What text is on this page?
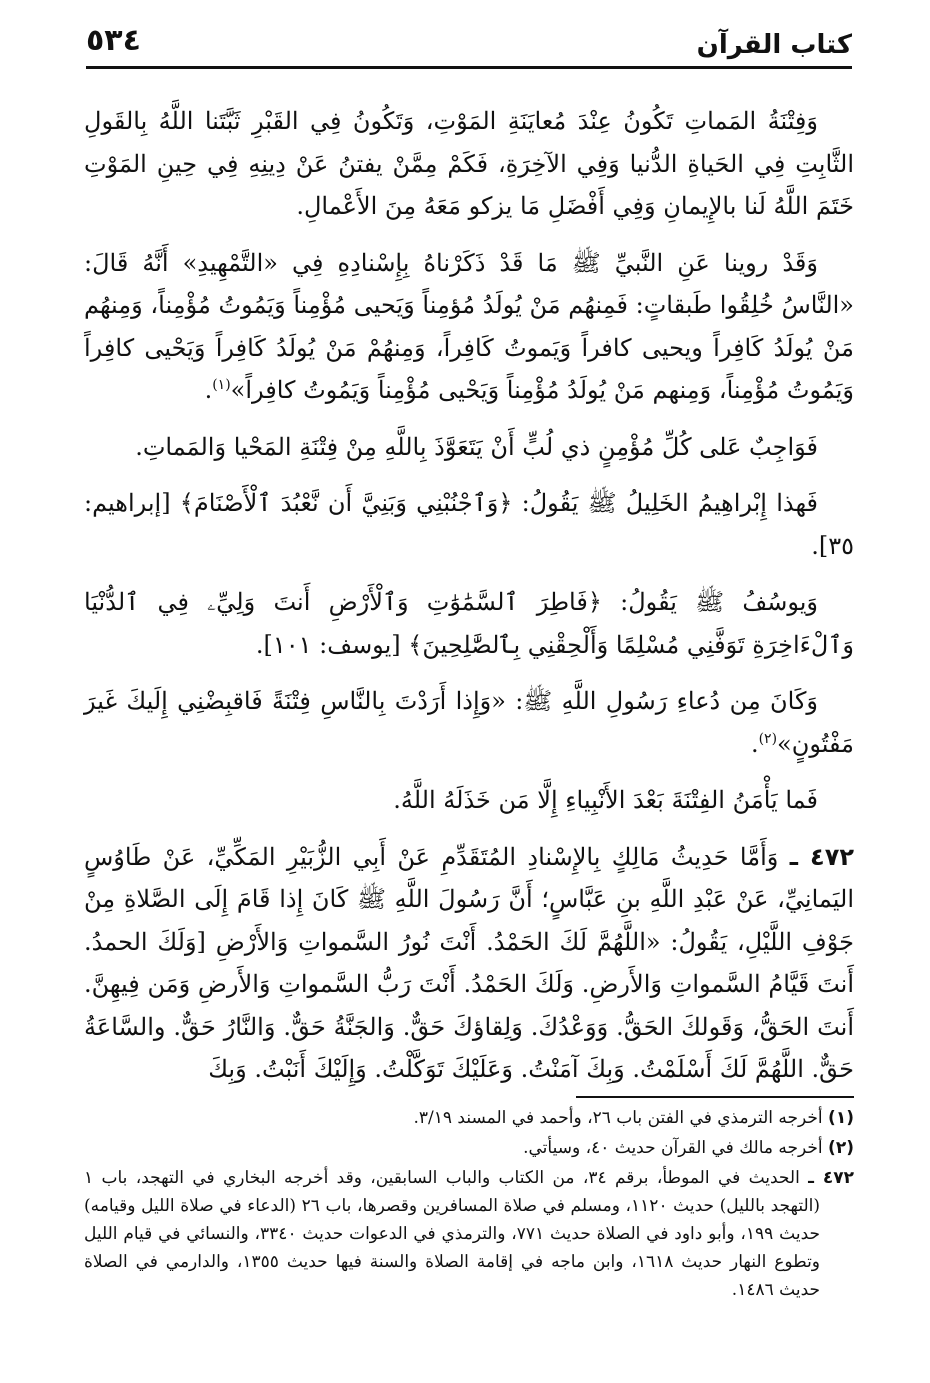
كتاب القرآن
٥٣٤

وَفِتْنَةُ المَماتِ تَكُونُ عِنْدَ مُعايَنَةِ المَوْتِ، وَتَكُونُ فِي القَبْرِ ثَبَّتَنا اللَّهُ بِالقَولِ الثَّابِتِ فِي الحَياةِ الدُّنيا وَفِي الآخِرَةِ، فَكَمْ مِمَّنْ يفتنُ عَنْ دِينِهِ فِي حِينِ المَوْتِ خَتَمَ اللَّهُ لَنا بالإِيمانِ وَفِي أَفْضَلِ مَا يزكو مَعَهُ مِنَ الأَعْمالِ.

وَقَدْ روينا عَنِ النَّبيِّ ﷺ مَا قَدْ ذَكَرْناهُ بِإِسْنادِهِ فِي «التَّمْهِيدِ» أَنَّهُ قَالَ: «النَّاسُ خُلِقُوا طَبقاتٍ: فَمِنهُم مَنْ يُولَدُ مُؤمِناً وَيَحيى مُؤْمِناً وَيَمُوتُ مُؤْمِناً، وَمِنهُم مَنْ يُولَدُ كَافِراً ويحيى كافراً وَيَموتُ كَافِراً، وَمِنهُمْ مَنْ يُولَدُ كَافِراً وَيَحْيى كافِراً وَيَمُوتُ مُؤْمِناً، وَمِنهم مَنْ يُولَدُ مُؤْمِناً وَيَحْيى مُؤْمِناً وَيَمُوتُ كافِراً»$^{(١)}$.

فَوَاجِبٌ عَلى كُلِّ مُؤْمِنٍ ذي لُبٍّ أَنْ يَتَعَوَّذَ بِاللَّهِ مِنْ فِتْنَةِ المَحْيا وَالمَماتِ.

فَهذا إِبْراهِيمُ الخَلِيلُ ﷺ يَقُولُ: ﴿وَٱجْنُبْنِي وَبَنِيَّ أَن نَّعْبُدَ ٱلْأَصْنَامَ﴾ [إبراهيم: ٣٥].

وَيوسُفُ ﷺ يَقُولُ: ﴿فَاطِرَ ٱلسَّمَٰوَٰتِ وَٱلْأَرْضِ أَنتَ وَلِيِّۦ فِي ٱلدُّنْيَا وَٱلْءَاخِرَةِ تَوَفَّنِي مُسْلِمًا وَأَلْحِقْنِي بِٱلصَّٰلِحِينَ﴾ [يوسف: ١٠١].

وَكَانَ مِن دُعاءِ رَسُولِ اللَّهِ ﷺ: «وَإِذا أَرَدْتَ بِالنَّاسِ فِتْنَةً فَاقبِضْنِي إِلَيكَ غَيرَ مَفْتُونٍ»$^{(٢)}$.

فَما يَأْمَنُ الفِتْنَةَ بَعْدَ الأَنْبِياءِ إِلَّا مَن خَذَلَهُ اللَّهُ.

٤٧٢ ـ وَأَمَّا حَدِيثُ مَالِكٍ بِالإِسْنادِ المُتَقَدِّمِ عَنْ أَبِي الزُّبَيْرِ المَكِّيِّ، عَنْ طَاوُسٍ اليَمانِيِّ، عَنْ عَبْدِ اللَّهِ بنِ عَبَّاسٍ؛ أَنَّ رَسُولَ اللَّهِ ﷺ كَانَ إِذا قَامَ إِلَى الصَّلاةِ مِنْ جَوْفِ اللَّيْلِ، يَقُولُ: «اللَّهُمَّ لَكَ الحَمْدُ. أَنْتَ نُورُ السَّمواتِ وَالأَرْضِ [وَلَكَ الحمدُ. أَنتَ قَيَّامُ السَّمواتِ وَالأَرضِ. وَلَكَ الحَمْدُ. أَنْتَ رَبُّ السَّمواتِ وَالأَرضِ وَمَن فِيهِنَّ. أَنتَ الحَقُّ، وَقَولكَ الحَقُّ. وَوَعْدُكَ. وَلِقاؤكَ حَقٌّ. وَالجَنَّةُ حَقٌّ. وَالنَّارُ حَقٌّ. والسَّاعَةُ حَقٌّ. اللَّهُمَّ لَكَ أَسْلَمْتُ. وَبِكَ آمَنْتُ. وَعَلَيْكَ تَوَكَّلْتُ. وَإِلَيْكَ أَنَبْتُ. وَبِكَ

(١) أخرجه الترمذي في الفتن باب ٢٦، وأحمد في المسند ٣/١٩.
(٢) أخرجه مالك في القرآن حديث ٤٠، وسيأتي.
٤٧٢ ـ الحديث في الموطأ، برقم ٣٤، من الكتاب والباب السابقين، وقد أخرجه البخاري في التهجد، باب ١ (التهجد بالليل) حديث ١١٢٠، ومسلم في صلاة المسافرين وقصرها، باب ٢٦ (الدعاء في صلاة الليل وقيامه) حديث ١٩٩، وأبو داود في الصلاة حديث ٧٧١، والترمذي في الدعوات حديث ٣٣٤٠، والنسائي في قيام الليل وتطوع النهار حديث ١٦١٨، وابن ماجه في إقامة الصلاة والسنة فيها حديث ١٣٥٥، والدارمي في الصلاة حديث ١٤٨٦.
